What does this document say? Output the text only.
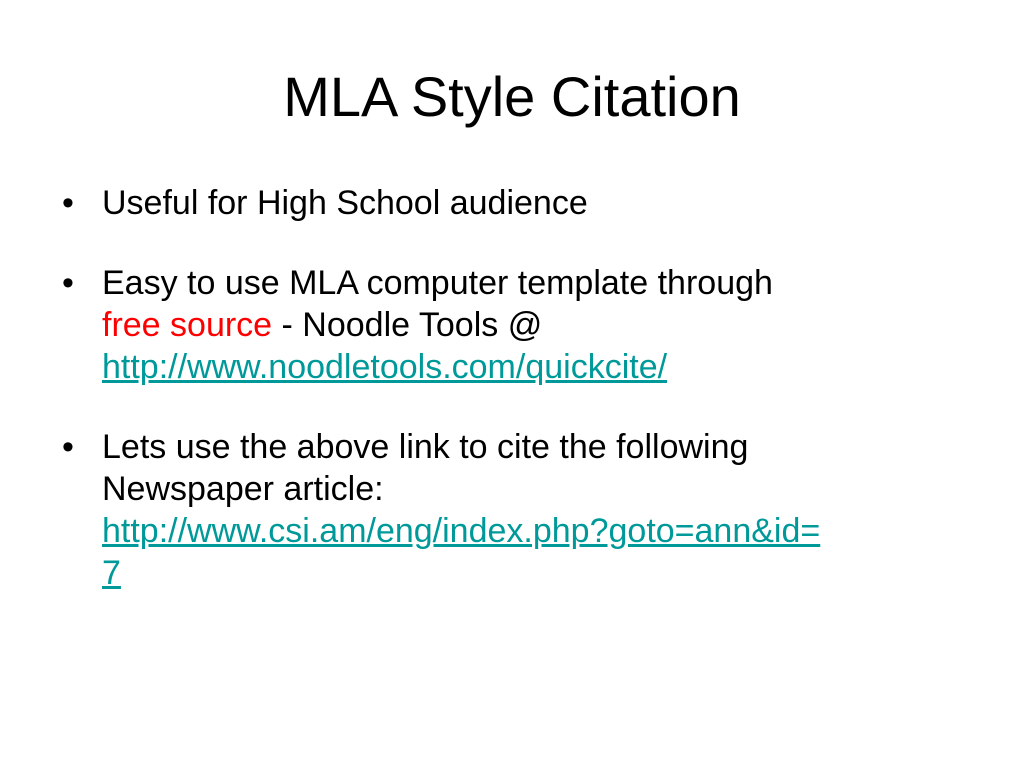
MLA Style Citation
• Useful for High School audience
• Easy to use MLA computer template through
free source - Noodle Tools @
http://www.noodletools.com/quickcite/
• Lets use the above link to cite the following
Newspaper article:
http://www.csi.am/eng/index.php?goto=ann&id=
7
